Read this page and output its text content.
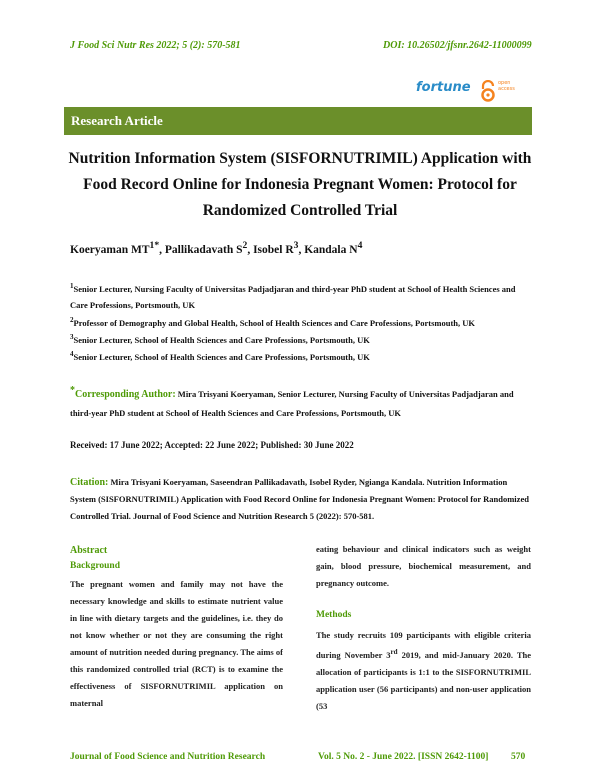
J Food Sci Nutr Res 2022; 5 (2): 570-581	DOI: 10.26502/jfsnr.2642-11000099
fortune	open
access
Research Article
Nutrition Information System (SISFORNUTRIMIL) Application with Food Record Online for Indonesia Pregnant Women: Protocol for Randomized Controlled Trial
Koeryaman $MT^{1*}$, Pallikadavath $S^2$, Isobel $R^3$, Kandala $N^4$
$^1$Senior Lecturer, Nursing Faculty of Universitas Padjadjaran and third-year PhD student at School of Health Sciences and Care Professions, Portsmouth, UK
$^2$Professor of Demography and Global Health, School of Health Sciences and Care Professions, Portsmouth, UK
$^3$Senior Lecturer, School of Health Sciences and Care Professions, Portsmouth, UK
$^4$Senior Lecturer, School of Health Sciences and Care Professions, Portsmouth, UK
*Corresponding Author: Mira Trisyani Koeryaman, Senior Lecturer, Nursing Faculty of Universitas Padjadjaran and third-year PhD student at School of Health Sciences and Care Professions, Portsmouth, UK
Received: 17 June 2022; Accepted: 22 June 2022; Published: 30 June 2022
Citation: Mira Trisyani Koeryaman, Saseendran Pallikadavath, Isobel Ryder, Ngianga Kandala. Nutrition Information System (SISFORNUTRIMIL) Application with Food Record Online for Indonesia Pregnant Women: Protocol for Randomized Controlled Trial. Journal of Food Science and Nutrition Research 5 (2022): 570-581.
Abstract
Background
The pregnant women and family may not have the necessary knowledge and skills to estimate nutrient value in line with dietary targets and the guidelines, i.e. they do not know whether or not they are consuming the right amount of nutrition needed during pregnancy. The aims of this randomized controlled trial (RCT) is to examine the effectiveness of SISFORNUTRIMIL application on maternal
eating behaviour and clinical indicators such as weight gain, blood pressure, biochemical measurement, and pregnancy outcome.
Methods
The study recruits 109 participants with eligible criteria during November 3rd 2019, and mid-January 2020. The allocation of participants is 1:1 to the SISFORNUTRIMIL application user (56 participants) and non-user application (53
Journal of Food Science and Nutrition Research	Vol. 5 No. 2 - June 2022. [ISSN 2642-1100] 570
